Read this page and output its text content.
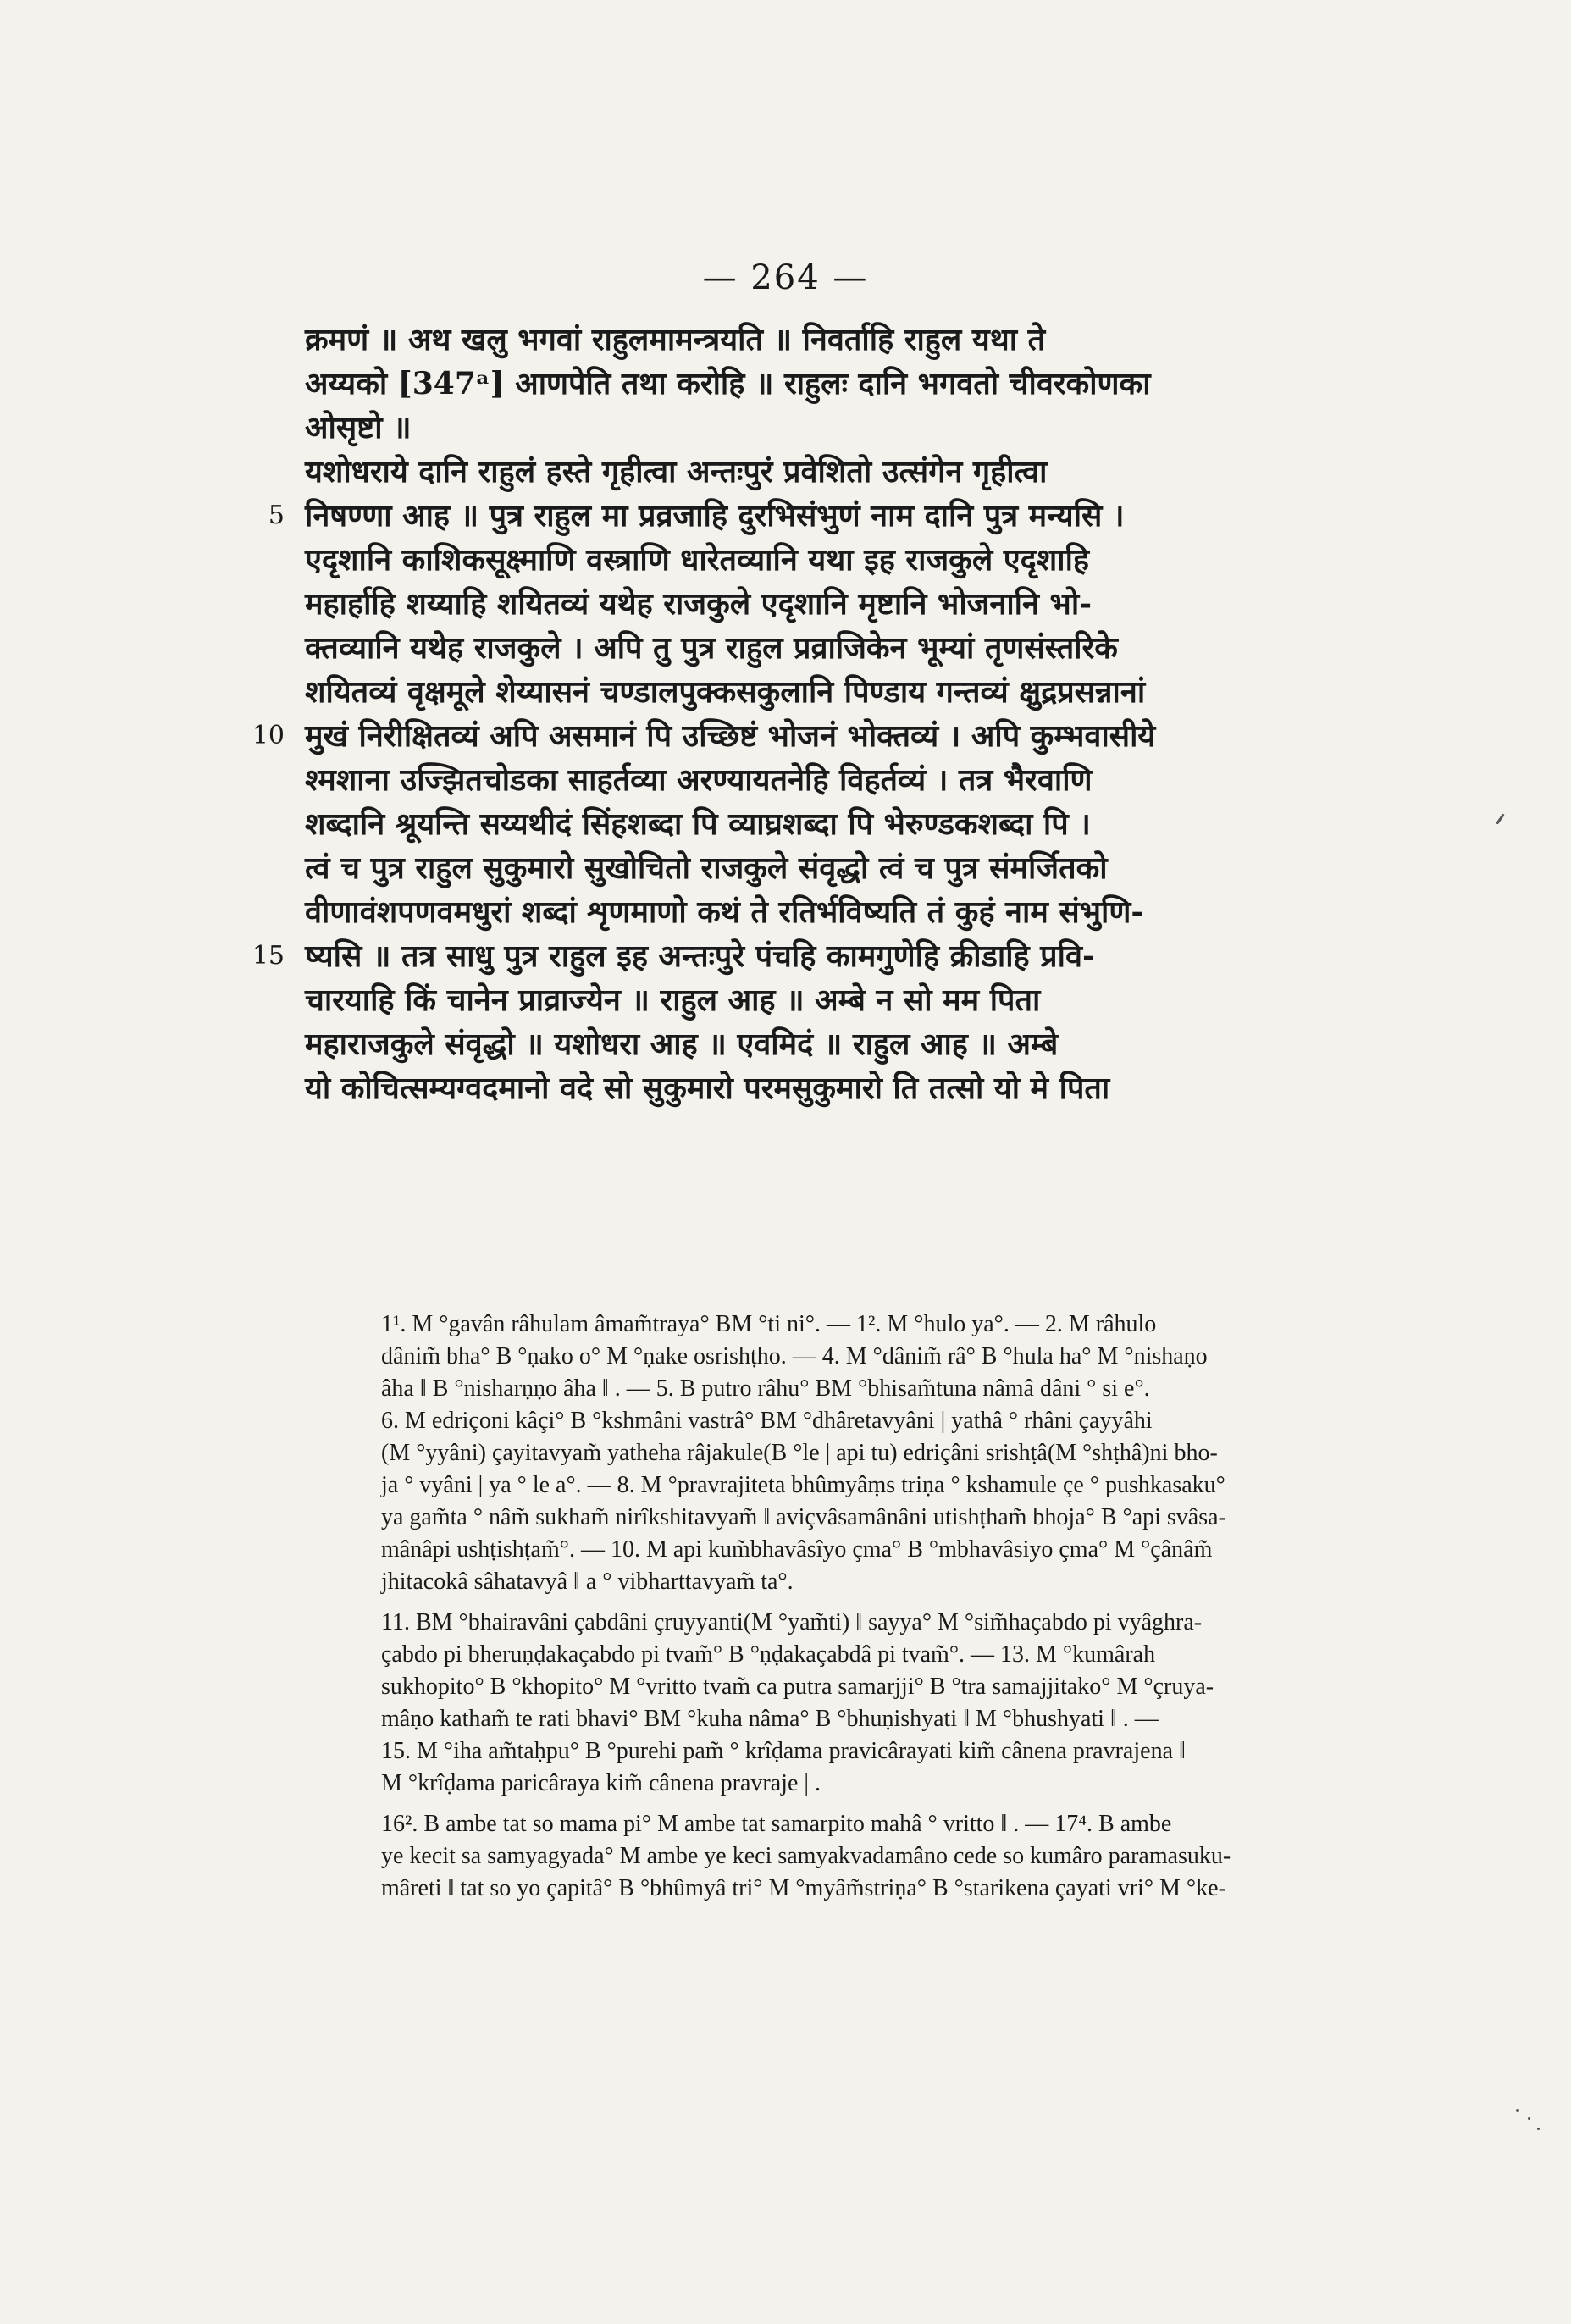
— 264 —
क्रमणं ॥ अथ खलु भगवां राहुलमामन्त्रयति ॥ निवर्ताहि राहुल यथा ते
अय्यको [347ᵃ] आणपेति तथा करोहि ॥ राहुलः दानि भगवतो चीवरकोणका
ओसृष्टो ॥
यशोधराये दानि राहुलं हस्ते गृहीत्वा अन्तःपुरं प्रवेशितो उत्संगेन गृहीत्वा
5 निषण्णा आह ॥ पुत्र राहुल मा प्रव्रजाहि दुरभिसंभुणं नाम दानि पुत्र मन्यसि ।
एदृशानि काशिकसूक्ष्माणि वस्त्राणि धारेतव्यानि यथा इह राजकुले एदृशाहि
महार्हाहि शय्याहि शयितव्यं यथेह राजकुले एदृशानि मृष्टानि भोजनानि भो-
क्तव्यानि यथेह राजकुले । अपि तु पुत्र राहुल प्रव्राजिकेन भूम्यां तृणसंस्तरिके
शयितव्यं वृक्षमूले शेय्यासनं चण्डालपुक्कसकुलानि पिण्डाय गन्तव्यं क्षुद्रप्रसन्नानां
10 मुखं निरीक्षितव्यं अपि असमानं पि उच्छिष्टं भोजनं भोक्तव्यं । अपि कुम्भवासीये
श्मशाना उज्झितचोडका साहर्तव्या अरण्यायतनेहि विहर्तव्यं । तत्र भैरवाणि
शब्दानि श्रूयन्ति सय्यथीदं सिंहशब्दा पि व्याघ्रशब्दा पि भेरुण्डकशब्दा पि ।
त्वं च पुत्र राहुल सुकुमारो सुखोचितो राजकुले संवृद्धो त्वं च पुत्र संमर्जितको
वीणावंशपणवमधुरां शब्दां शृणमाणो कथं ते रतिर्भविष्यति तं कुहं नाम संभुणि-
15 ष्यसि ॥ तत्र साधु पुत्र राहुल इह अन्तःपुरे पंचहि कामगुणेहि क्रीडाहि प्रवि-
चारयाहि किं चानेन प्राव्राज्येन ॥ राहुल आह ॥ अम्बे न सो मम पिता
महाराजकुले संवृद्धो ॥ यशोधरा आह ॥ एवमिदं ॥ राहुल आह ॥ अम्बे
यो कोचित्सम्यग्वदमानो वदे सो सुकुमारो परमसुकुमारो ति तत्सो यो मे पिता
1¹. M °gavân râhulam âmam̃traya° BM °ti ni°. — 1². M °hulo ya°. — 2. M râhulo
dânim̃ bha° B °ṇako o° M °ṇake osrishṭho. — 4. M °dânim̃ râ° B °hula ha° M °nishaṇo
âha ‖ B °nisharṇṇo âha ‖ . — 5. B putro râhu° BM °bhisam̃tuna nâmâ dâni ° si e°.
6. M edriçoni kâçi° B °kshmâni vastrâ° BM °dhâretavyâni | yathâ ° rhâni çayyâhi
(M °yyâni) çayitavyam̃ yatheha râjakule(B °le | api tu) edriçâni srishṭâ(M °shṭhâ)ni bho-
ja ° vyâni | ya ° le a°. — 8. M °pravrajiteta bhûmyâṃs triṇa ° kshamule çe ° pushkasaku°
ya gam̃ta ° nâm̃ sukham̃ nirîkshitavyam̃ ‖ aviçvâsamânâni utishṭham̃ bhoja° B °api svâsa-
mânâpi ushṭishṭam̃°. — 10. M api kum̃bhavâsîyo çma° B °mbhavâsiyo çma° M °çânâm̃
jhitacokâ sâhatavyâ ‖ a ° vibharttavyam̃ ta°.
11. BM °bhairavâni çabdâni çruyyanti(M °yam̃ti) ‖ sayya° M °sim̃haçabdo pi vyâghra-
çabdo pi bheruṇḍakaçabdo pi tvam̃° B °ṇḍakaçabdâ pi tvam̃°. — 13. M °kumârah
sukhopito° B °khopito° M °vritto tvam̃ ca putra samarjji° B °tra samajjitako° M °çruya-
mâṇo katham̃ te rati bhavi° BM °kuha nâma° B °bhuṇishyati ‖ M °bhushyati ‖ . —
15. M °iha am̃taḥpu° B °purehi pam̃ ° krîḍama pravicârayati kim̃ cânena pravrajena ‖
M °krîḍama paricâraya kim̃ cânena pravraje | .
16². B ambe tat so mama pi° M ambe tat samarpito mahâ ° vritto ‖ . — 17⁴. B ambe
ye kecit sa samyagyada° M ambe ye keci samyakvadamâno cede so kumâro paramasuku-
mâreti ‖ tat so yo çapitâ° B °bhûmyâ tri° M °myâm̃striṇa° B °starikena çayati vri° M °ke-
